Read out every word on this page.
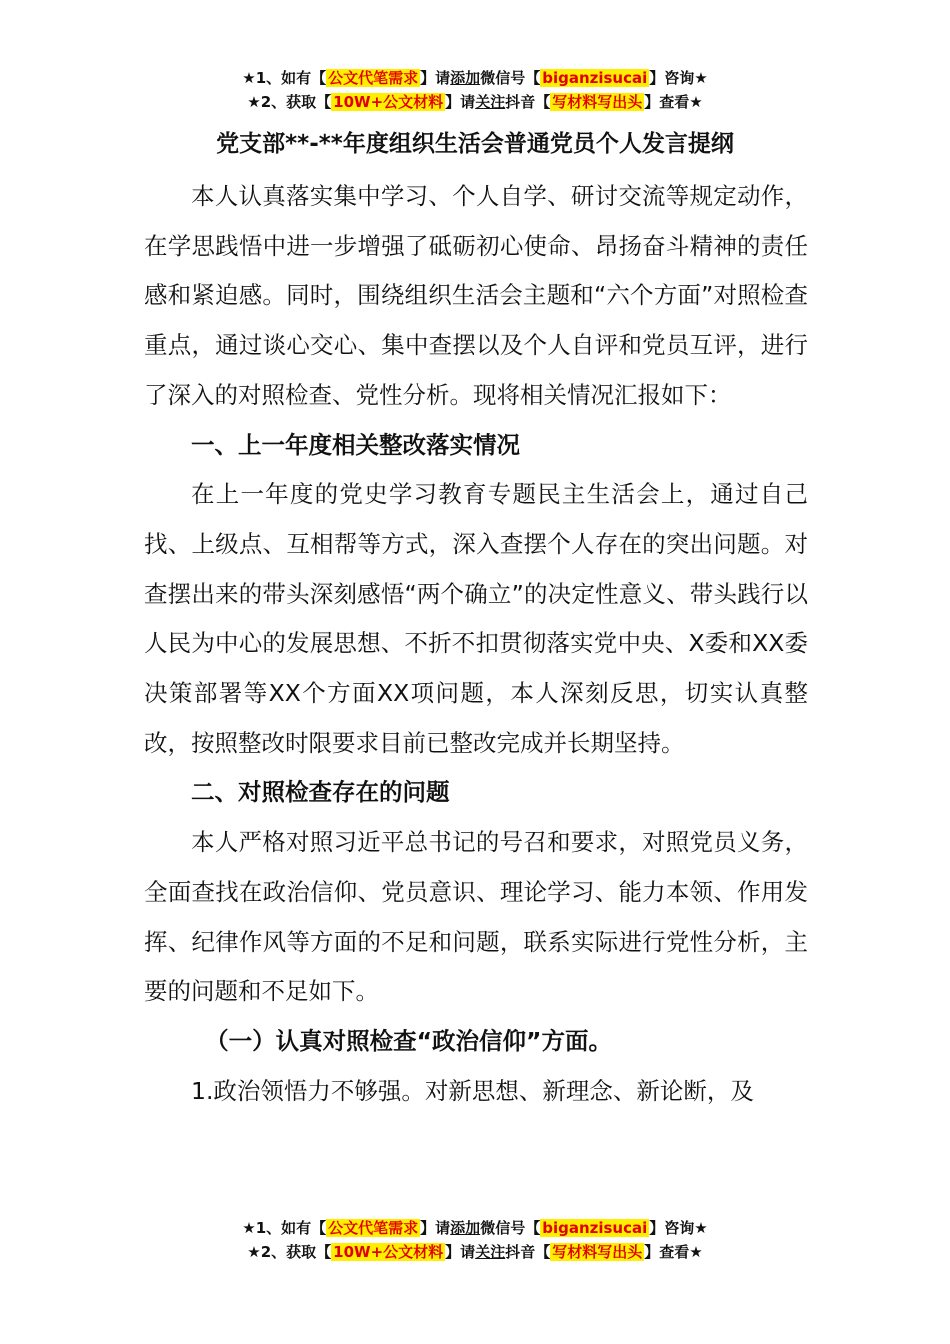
★1、如有【 公文代笔需求 】请添加微信号【 biganzisucai 】咨询★
★2、获取【 10W+公文材料 】请关注抖音【 写材料写出头 】查看★
党支部**-**年度组织生活会普通党员个人发言提纲

本人认真落实集中学习、个人自学、研讨交流等规定动作，在学思践悟中进一步增强了砥砺初心使命、昂扬奋斗精神的责任感和紧迫感。同时，围绕组织生活会主题和“六个方面”对照检查重点，通过谈心交心、集中查摆以及个人自评和党员互评，进行了深入的对照检查、党性分析。现将相关情况汇报如下：

一、上一年度相关整改落实情况

在上一年度的党史学习教育专题民主生活会上，通过自己找、上级点、互相帮等方式，深入查摆个人存在的突出问题。对查摆出来的带头深刻感悟“两个确立”的决定性意义、带头践行以人民为中心的发展思想、不折不扣贯彻落实党中央、X委和XX委决策部署等XX个方面XX项问题，本人深刻反思，切实认真整改，按照整改时限要求目前已整改完成并长期坚持。

二、对照检查存在的问题

本人严格对照习近平总书记的号召和要求，对照党员义务，全面查找在政治信仰、党员意识、理论学习、能力本领、作用发挥、纪律作风等方面的不足和问题，联系实际进行党性分析，主要的问题和不足如下。

（一）认真对照检查“政治信仰”方面。

1.政治领悟力不够强。对新思想、新理念、新论断，及

★1、如有【 公文代笔需求 】请添加微信号【 biganzisucai 】咨询★
★2、获取【 10W+公文材料 】请关注抖音【 写材料写出头 】查看★
